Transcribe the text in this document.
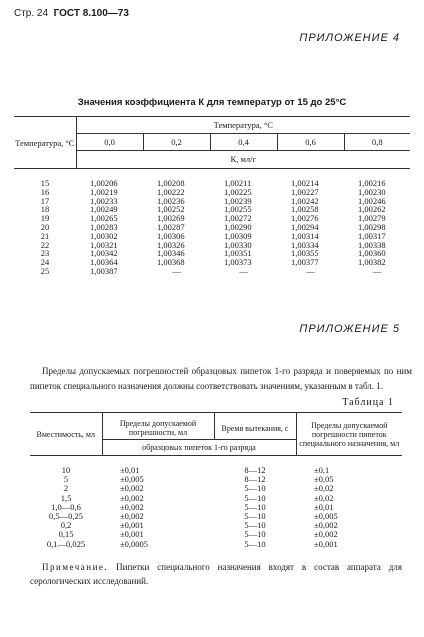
Стр. 24 ГОСТ 8.100—73
ПРИЛОЖЕНИЕ 4
Значения коэффициента К для температур от 15 до 25°С
Температура, °С	Температура, °С				
	0,0	0,2	0,4	0,6	0,8
	К, мл/г				

15	1,00206	1,00208	1,00211	1,00214	1,00216
16	1,00219	1,00222	1,00225	1,00227	1,00230
17	1,00233	1,00236	1,00239	1,00242	1,00246
18	1,00249	1,00252	1,00255	1,00258	1,00262
19	1,00265	1,00269	1,00272	1,00276	1,00279
20	1,00283	1,00287	1,00290	1,00294	1,00298
21	1,00302	1,00306	1,00309	1,00314	1,00317
22	1,00321	1,00326	1,00330	1,00334	1,00338
23	1,00342	1,00346	1,00351	1,00355	1,00360
24	1,00364	1,00368	1,00373	1,00377	1,00382
25	1,00387	—	—	—	—
ПРИЛОЖЕНИЕ 5
Пределы допускаемых погрешностей образцовых пипеток 1-го разряда и поверяемых по ним пипеток специального назначения должны соответствовать значениям, указанным в табл. 1.
Таблица 1
Вместимость, мл	Пределы допускаемой погрешности, мл	Время вытекания, с	Пределы допускаемой погрешности пипеток специального назначения, мл
	образцовых пипеток 1-го разряда		

10	±0,01	8—12	±0,1
5	±0,005	8—12	±0,05
2	±0,002	5—10	±0,02
1,5	±0,002	5—10	±0,02
1,0—0,6	±0,002	5—10	±0,01
0,5—0,25	±0,002	5—10	±0,005
0,2	±0,001	5—10	±0,002
0,15	±0,001	5—10	±0,002
0,1—0,025	±0,0005	5—10	±0,001
Примечание. Пипетки специального назначения входят в состав аппарата для серологических исследований.
